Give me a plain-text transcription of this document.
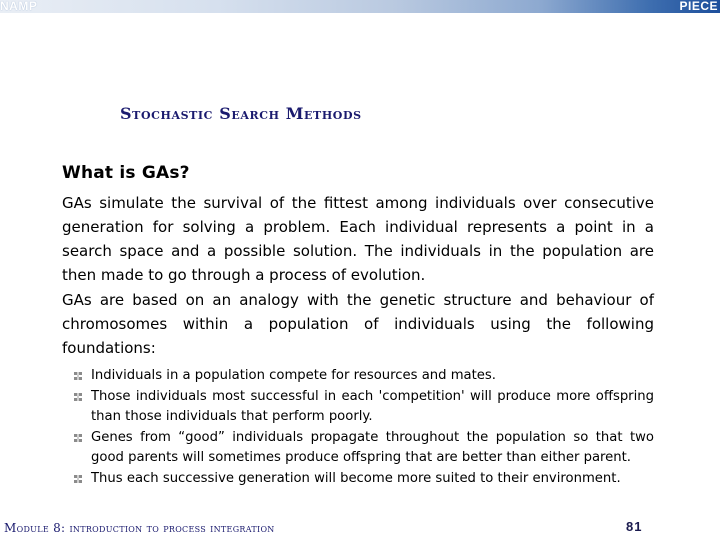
NAMP	PIECE
Stochastic Search Methods
What is GAs?

GAs simulate the survival of the fittest among individuals over consecutive generation for solving a problem. Each individual represents a point in a search space and a possible solution. The individuals in the population are then made to go through a process of evolution.

GAs are based on an analogy with the genetic structure and behaviour of chromosomes within a population of individuals using the following foundations:

Individuals in a population compete for resources and mates.
Those individuals most successful in each 'competition' will produce more offspring than those individuals that perform poorly.
Genes from “good” individuals propagate throughout the population so that two good parents will sometimes produce offspring that are better than either parent.
Thus each successive generation will become more suited to their environment.
Module 8: introduction to process integration	81
